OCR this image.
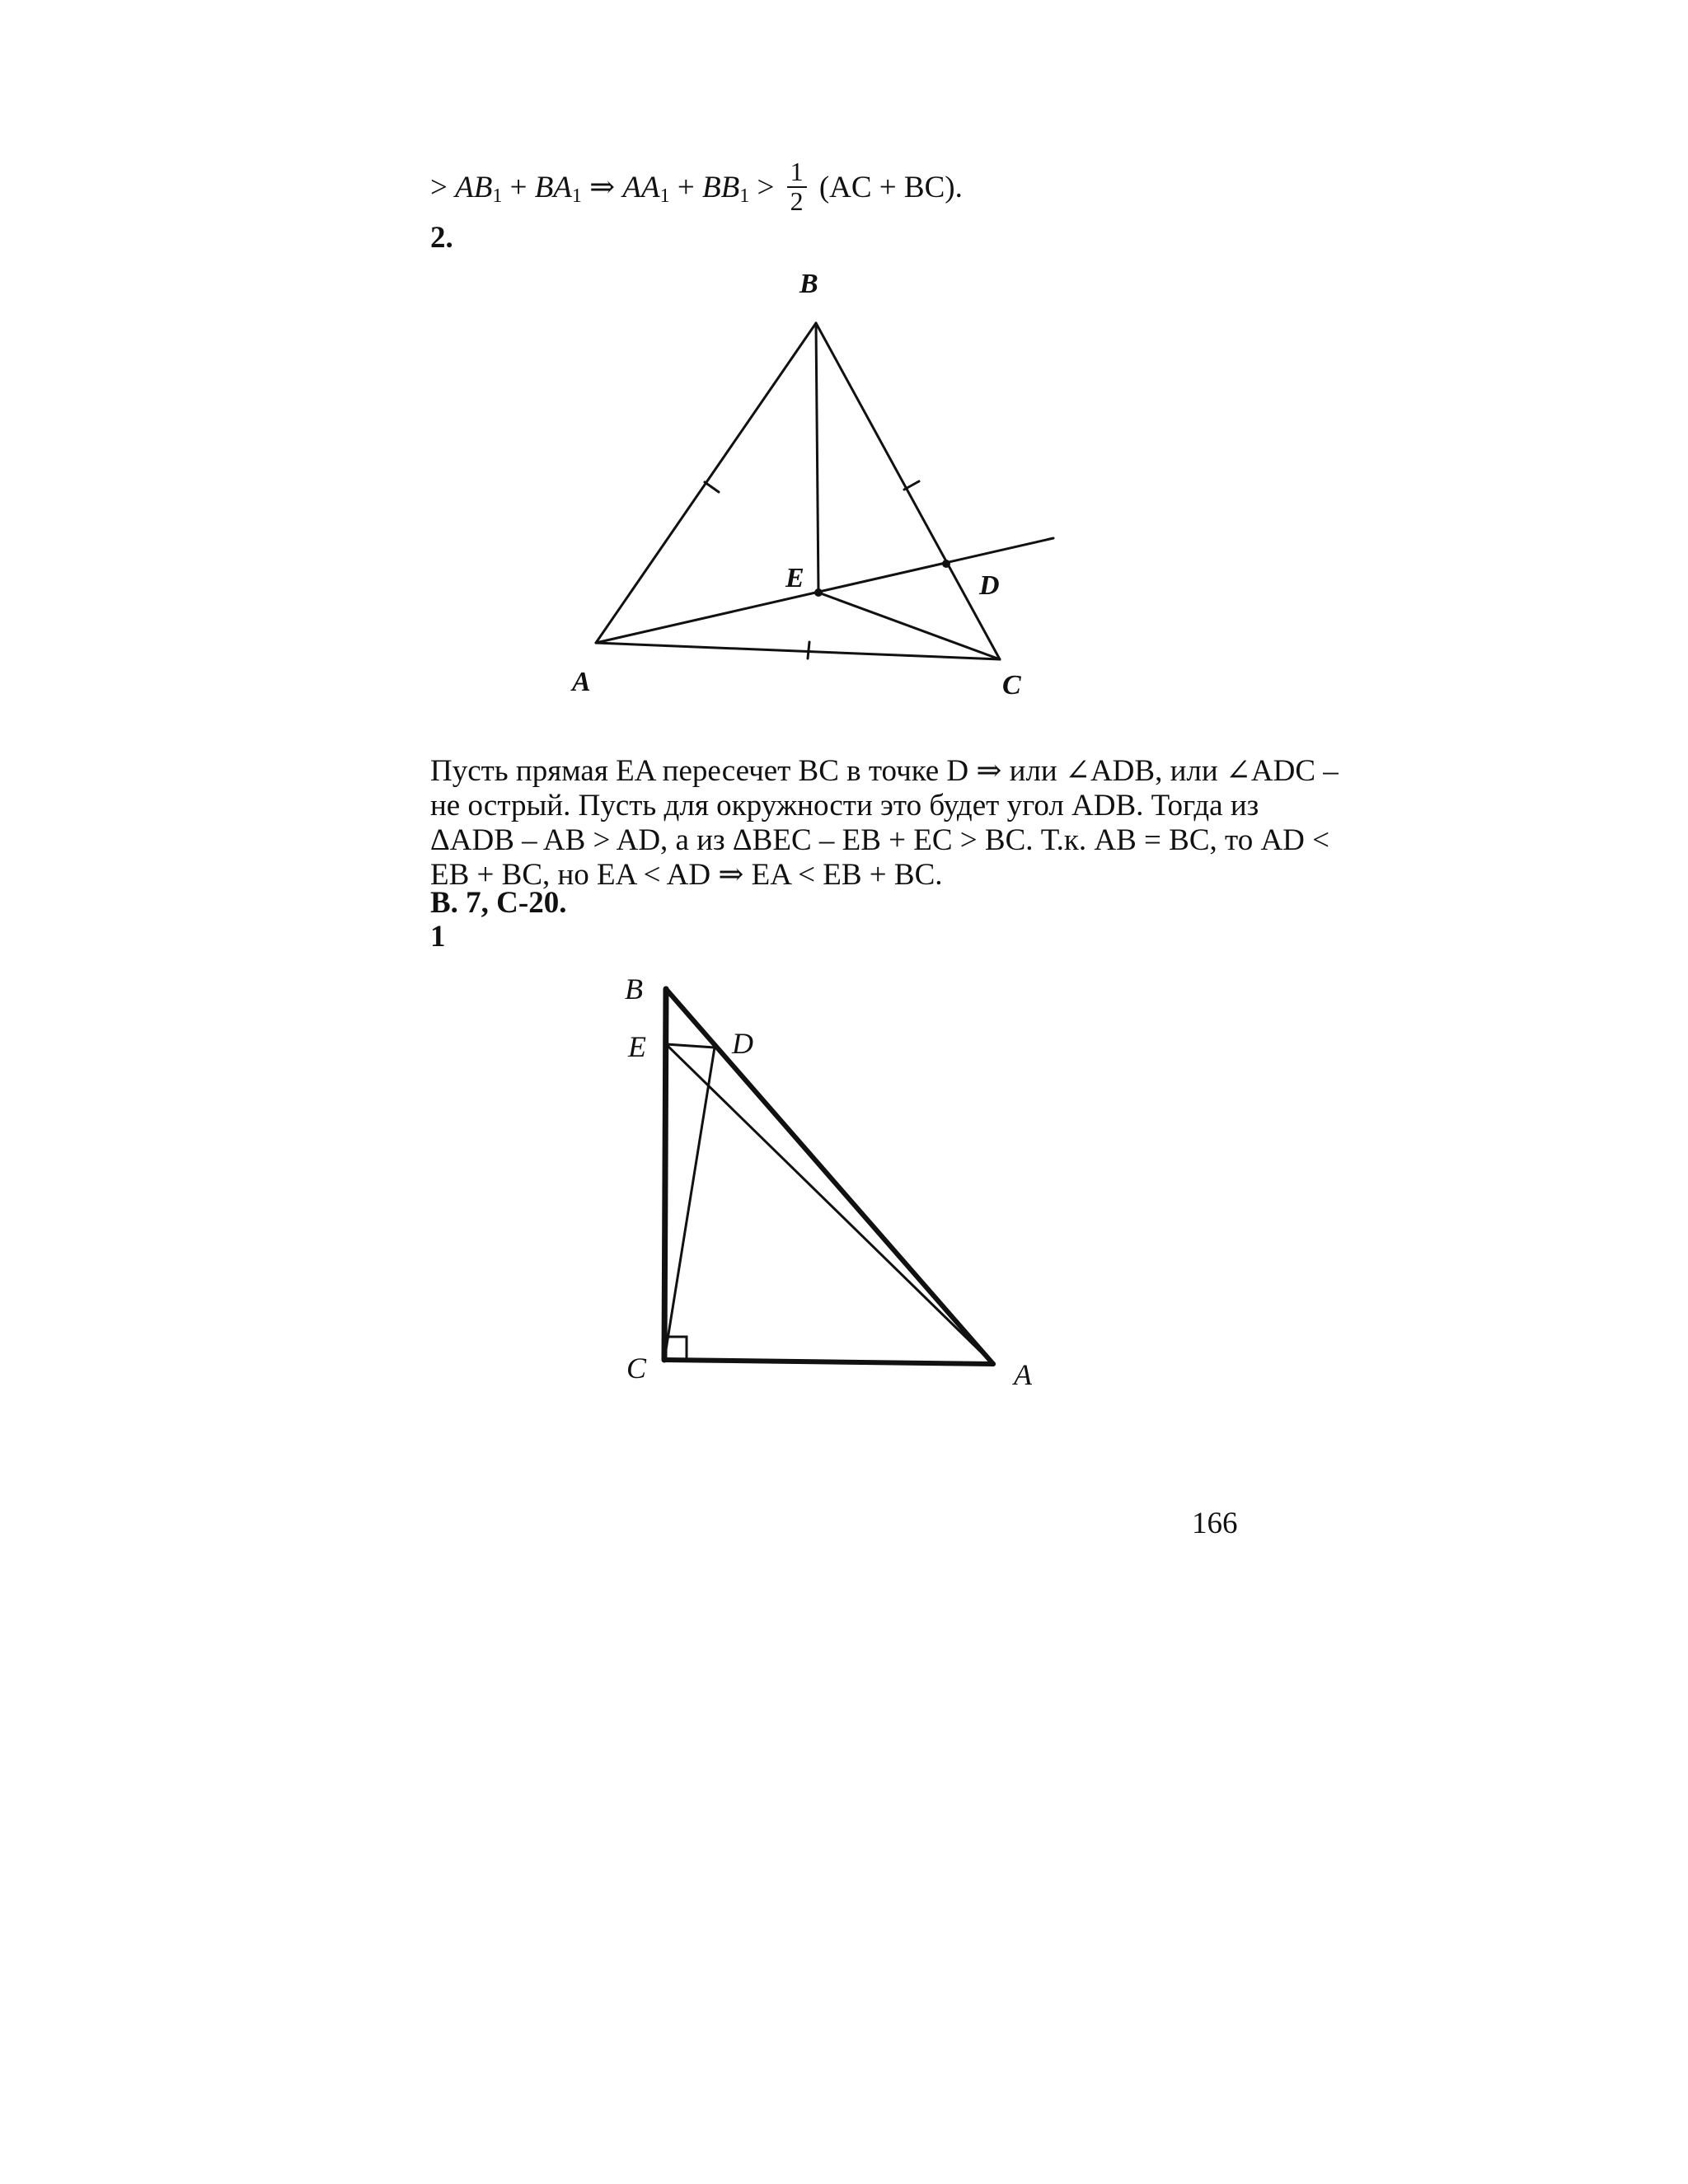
> $AB_1 + BA_1$ ⇒ $AA_1 + BB_1 > \frac{1}{2} (AC + BC)$.
2.
B
E	D
A	C
Пусть прямая EA пересечет BC в точке D ⇒ или ∠ADB, или ∠ADC –
не острый. Пусть для окружности это будет угол ADB. Тогда из
ΔADB – AB > AD, а из ΔBEC – EB + EC > BC. Т.к. AB = BC, то AD <
EB + BC, но EA < AD ⇒ EA < EB + BC.
В. 7, С-20.
1
B
E	D
C	A
166
